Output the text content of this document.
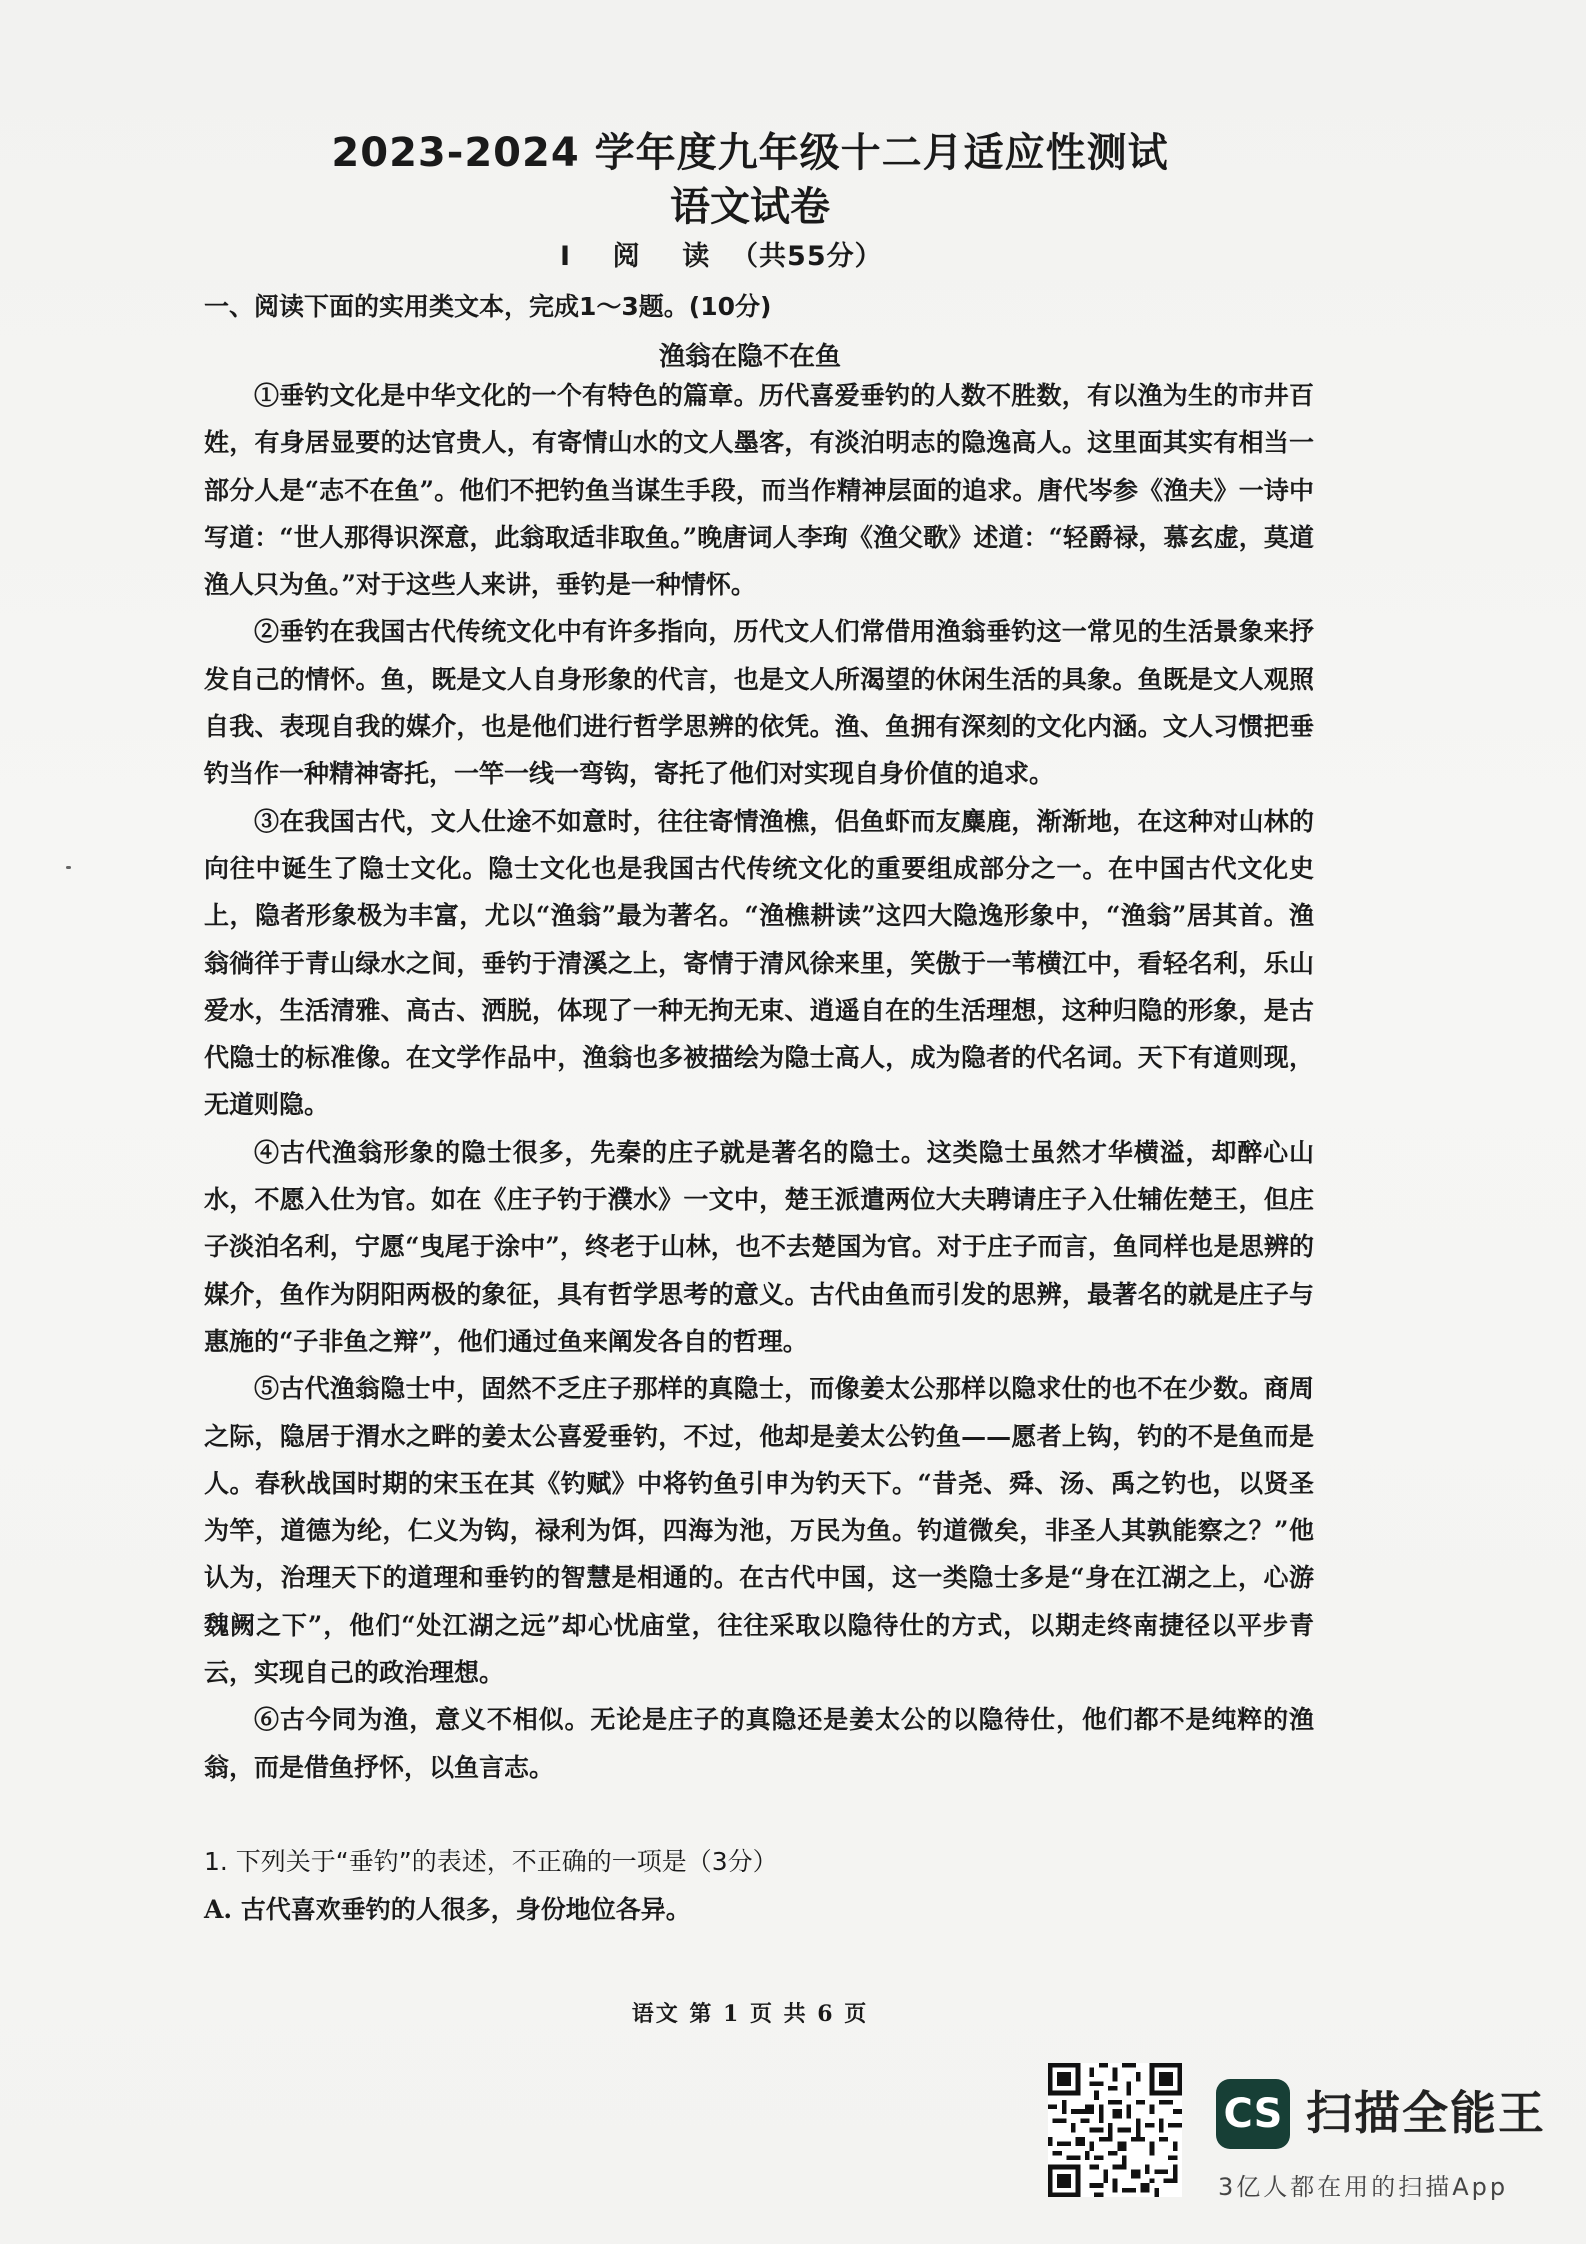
2023-2024 学年度九年级十二月适应性测试
语文试卷
I    阅    读  （共55分）
一、阅读下面的实用类文本，完成1～3题。(10分)
渔翁在隐不在鱼

①垂钓文化是中华文化的一个有特色的篇章。历代喜爱垂钓的人数不胜数，有以渔为生的市井百姓，有身居显要的达官贵人，有寄情山水的文人墨客，有淡泊明志的隐逸高人。这里面其实有相当一部分人是“志不在鱼”。他们不把钓鱼当谋生手段，而当作精神层面的追求。唐代岑参《渔夫》一诗中写道：“世人那得识深意，此翁取适非取鱼。”晚唐词人李珣《渔父歌》述道：“轻爵禄，慕玄虚，莫道渔人只为鱼。”对于这些人来讲，垂钓是一种情怀。

②垂钓在我国古代传统文化中有许多指向，历代文人们常借用渔翁垂钓这一常见的生活景象来抒发自己的情怀。鱼，既是文人自身形象的代言，也是文人所渴望的休闲生活的具象。鱼既是文人观照自我、表现自我的媒介，也是他们进行哲学思辨的依凭。渔、鱼拥有深刻的文化内涵。文人习惯把垂钓当作一种精神寄托，一竿一线一弯钩，寄托了他们对实现自身价值的追求。

③在我国古代，文人仕途不如意时，往往寄情渔樵，侣鱼虾而友麋鹿，渐渐地，在这种对山林的向往中诞生了隐士文化。隐士文化也是我国古代传统文化的重要组成部分之一。在中国古代文化史上，隐者形象极为丰富，尤以“渔翁”最为著名。“渔樵耕读”这四大隐逸形象中，“渔翁”居其首。渔翁徜徉于青山绿水之间，垂钓于清溪之上，寄情于清风徐来里，笑傲于一苇横江中，看轻名利，乐山爱水，生活清雅、高古、洒脱，体现了一种无拘无束、逍遥自在的生活理想，这种归隐的形象，是古代隐士的标准像。在文学作品中，渔翁也多被描绘为隐士高人，成为隐者的代名词。天下有道则现，无道则隐。

④古代渔翁形象的隐士很多，先秦的庄子就是著名的隐士。这类隐士虽然才华横溢，却醉心山水，不愿入仕为官。如在《庄子钓于濮水》一文中，楚王派遣两位大夫聘请庄子入仕辅佐楚王，但庄子淡泊名利，宁愿“曳尾于涂中”，终老于山林，也不去楚国为官。对于庄子而言，鱼同样也是思辨的媒介，鱼作为阴阳两极的象征，具有哲学思考的意义。古代由鱼而引发的思辨，最著名的就是庄子与惠施的“子非鱼之辩”，他们通过鱼来阐发各自的哲理。

⑤古代渔翁隐士中，固然不乏庄子那样的真隐士，而像姜太公那样以隐求仕的也不在少数。商周之际，隐居于渭水之畔的姜太公喜爱垂钓，不过，他却是姜太公钓鱼——愿者上钩，钓的不是鱼而是人。春秋战国时期的宋玉在其《钓赋》中将钓鱼引申为钓天下。“昔尧、舜、汤、禹之钓也，以贤圣为竿，道德为纶，仁义为钩，禄利为饵，四海为池，万民为鱼。钓道微矣，非圣人其孰能察之？”他认为，治理天下的道理和垂钓的智慧是相通的。在古代中国，这一类隐士多是“身在江湖之上，心游魏阙之下”，他们“处江湖之远”却心忧庙堂，往往采取以隐待仕的方式，以期走终南捷径以平步青云，实现自己的政治理想。

⑥古今同为渔，意义不相似。无论是庄子的真隐还是姜太公的以隐待仕，他们都不是纯粹的渔翁，而是借鱼抒怀，以鱼言志。

1. 下列关于“垂钓”的表述，不正确的一项是（3分）

A. 古代喜欢垂钓的人很多，身份地位各异。

语文 第 1 页 共 6 页
CS 扫描全能王
3亿人都在用的扫描App
